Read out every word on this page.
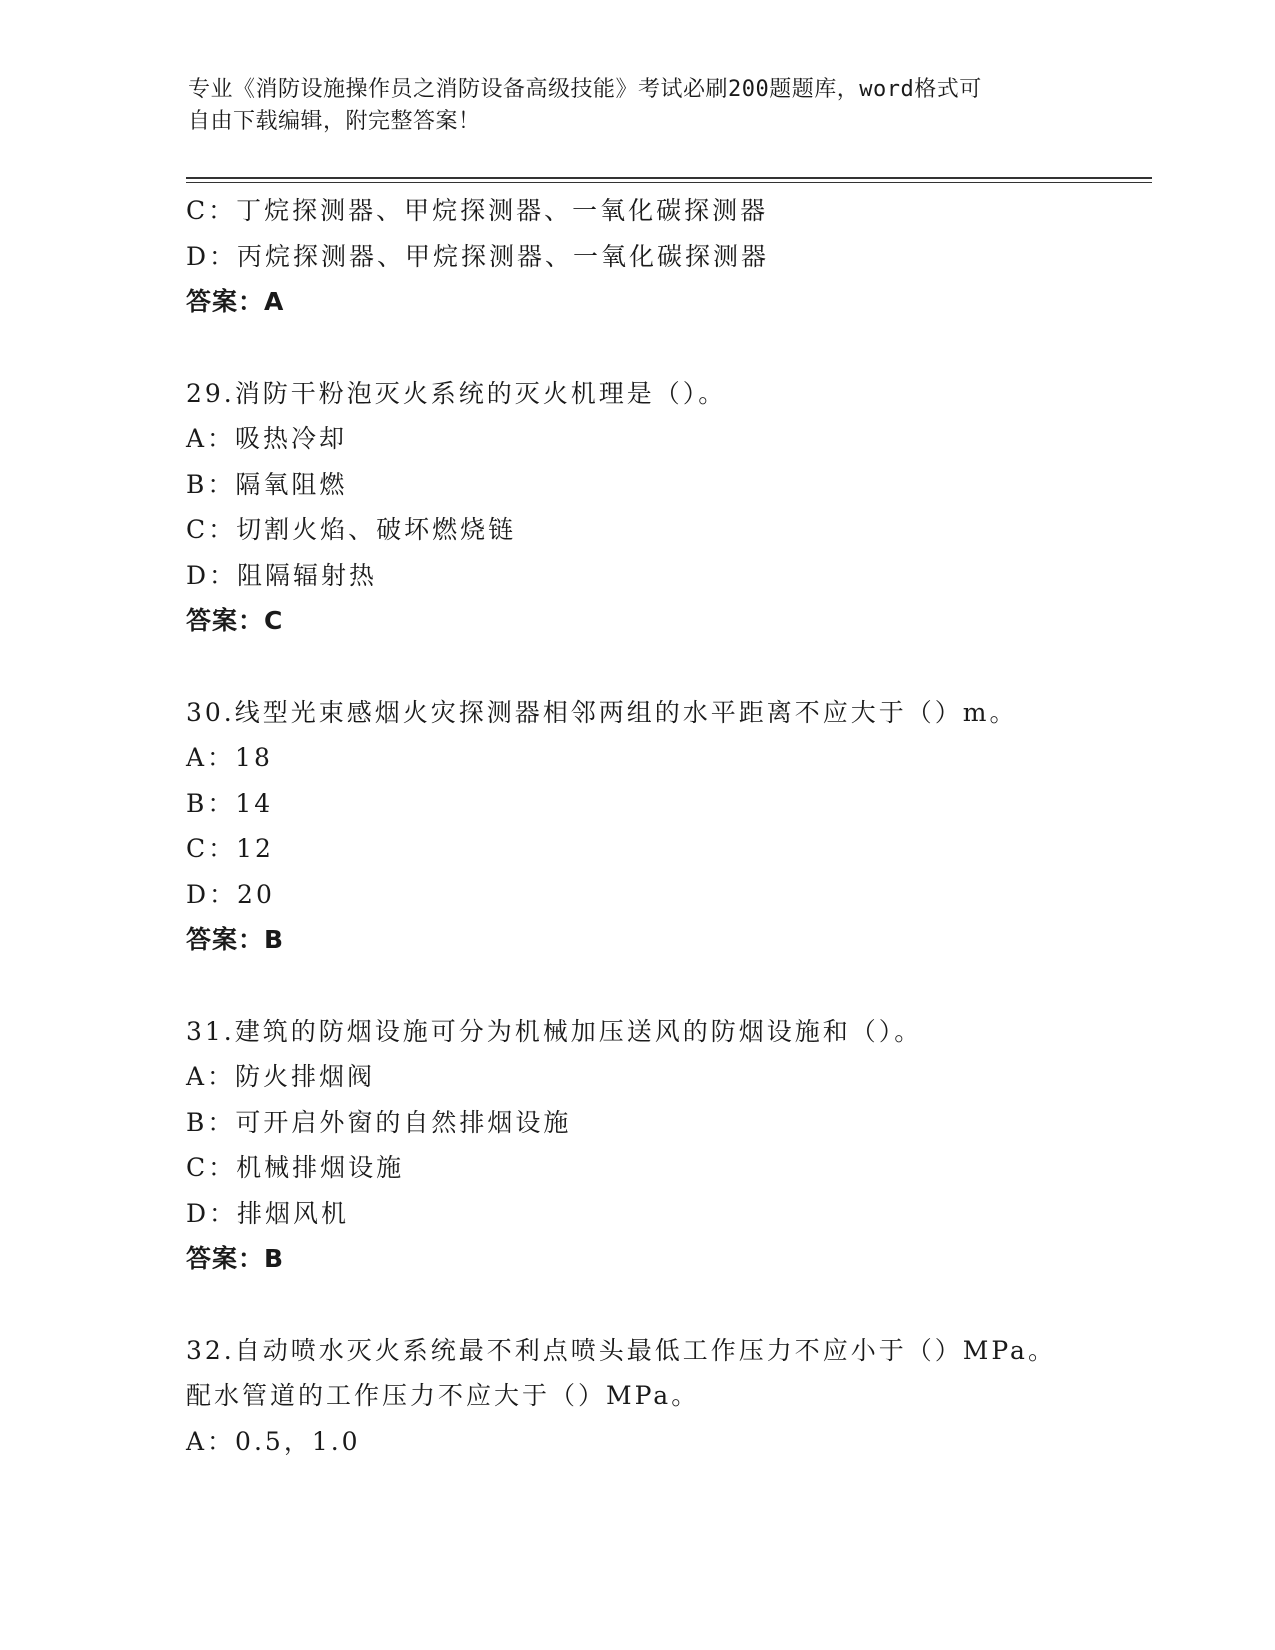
专业《消防设施操作员之消防设备高级技能》考试必刷200题题库，word格式可
自由下载编辑，附完整答案！
C：丁烷探测器、甲烷探测器、一氧化碳探测器
D：丙烷探测器、甲烷探测器、一氧化碳探测器
答案：A
29.消防干粉泡灭火系统的灭火机理是（）。
A：吸热冷却
B：隔氧阻燃
C：切割火焰、破坏燃烧链
D：阻隔辐射热
答案：C
30.线型光束感烟火灾探测器相邻两组的水平距离不应大于（）m。
A：18
B：14
C：12
D：20
答案：B
31.建筑的防烟设施可分为机械加压送风的防烟设施和（）。
A：防火排烟阀
B：可开启外窗的自然排烟设施
C：机械排烟设施
D：排烟风机
答案：B
32.自动喷水灭火系统最不利点喷头最低工作压力不应小于（）MPa。
配水管道的工作压力不应大于（）MPa。
A：0.5，1.0
